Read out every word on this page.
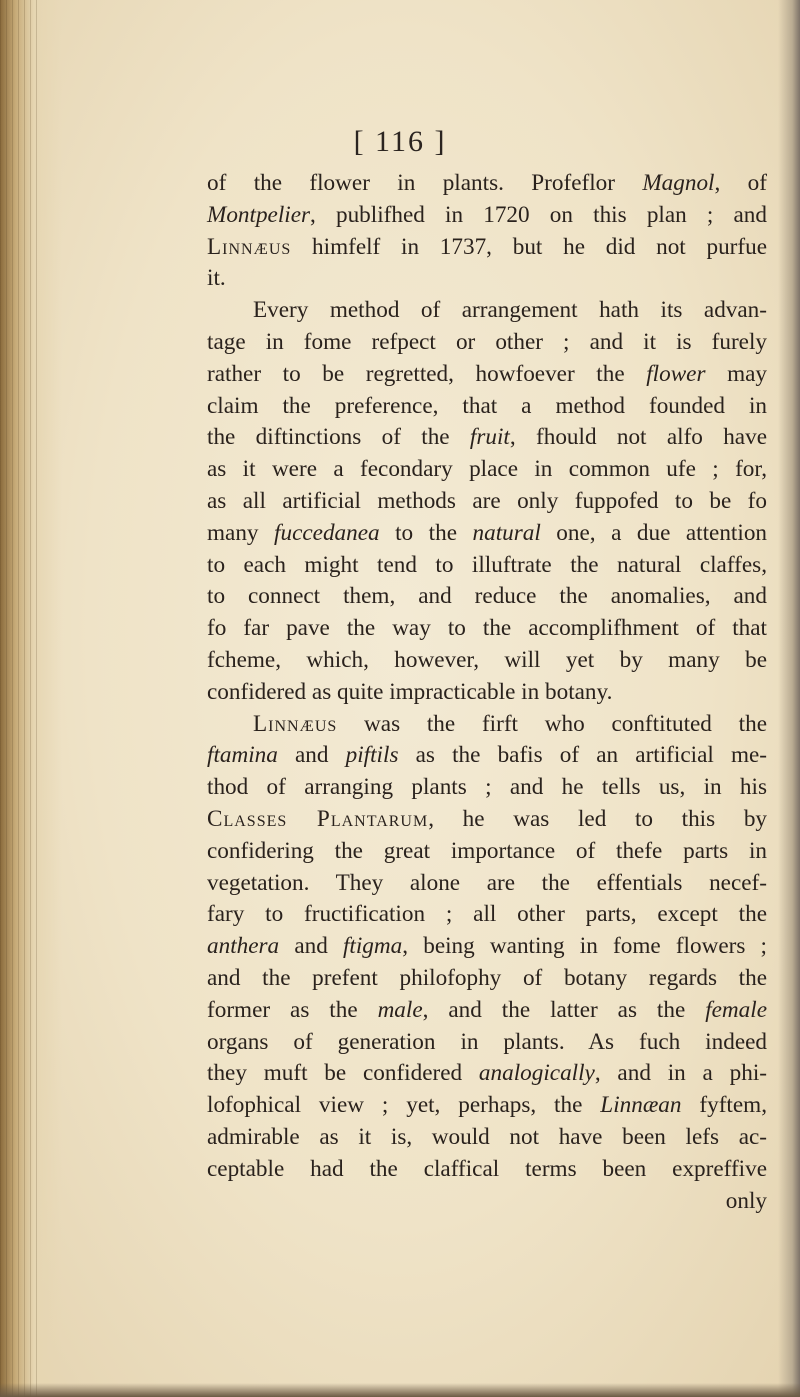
[ 116 ]
of the flower in plants. Profeflor Magnol, of
Montpelier, publifhed in 1720 on this plan ; and
Linnæus himfelf in 1737, but he did not purfue
it.
Every method of arrangement hath its advan-
tage in fome refpect or other ; and it is furely
rather to be regretted, howfoever the flower may
claim the preference, that a method founded in
the diftinctions of the fruit, fhould not alfo have
as it were a fecondary place in common ufe ; for,
as all artificial methods are only fuppofed to be fo
many fuccedanea to the natural one, a due attention
to each might tend to illuftrate the natural claffes,
to connect them, and reduce the anomalies, and
fo far pave the way to the accomplifhment of that
fcheme, which, however, will yet by many be
confidered as quite impracticable in botany.
Linnæus was the firft who conftituted the
ftamina and piftils as the bafis of an artificial me-
thod of arranging plants ; and he tells us, in his
Classes Plantarum, he was led to this by
confidering the great importance of thefe parts in
vegetation. They alone are the effentials necef-
fary to fructification ; all other parts, except the
anthera and ftigma, being wanting in fome flowers ;
and the prefent philofophy of botany regards the
former as the male, and the latter as the female
organs of generation in plants. As fuch indeed
they muft be confidered analogically, and in a phi-
lofophical view ; yet, perhaps, the Linnæan fyftem,
admirable as it is, would not have been lefs ac-
ceptable had the claffical terms been expreffive
only
